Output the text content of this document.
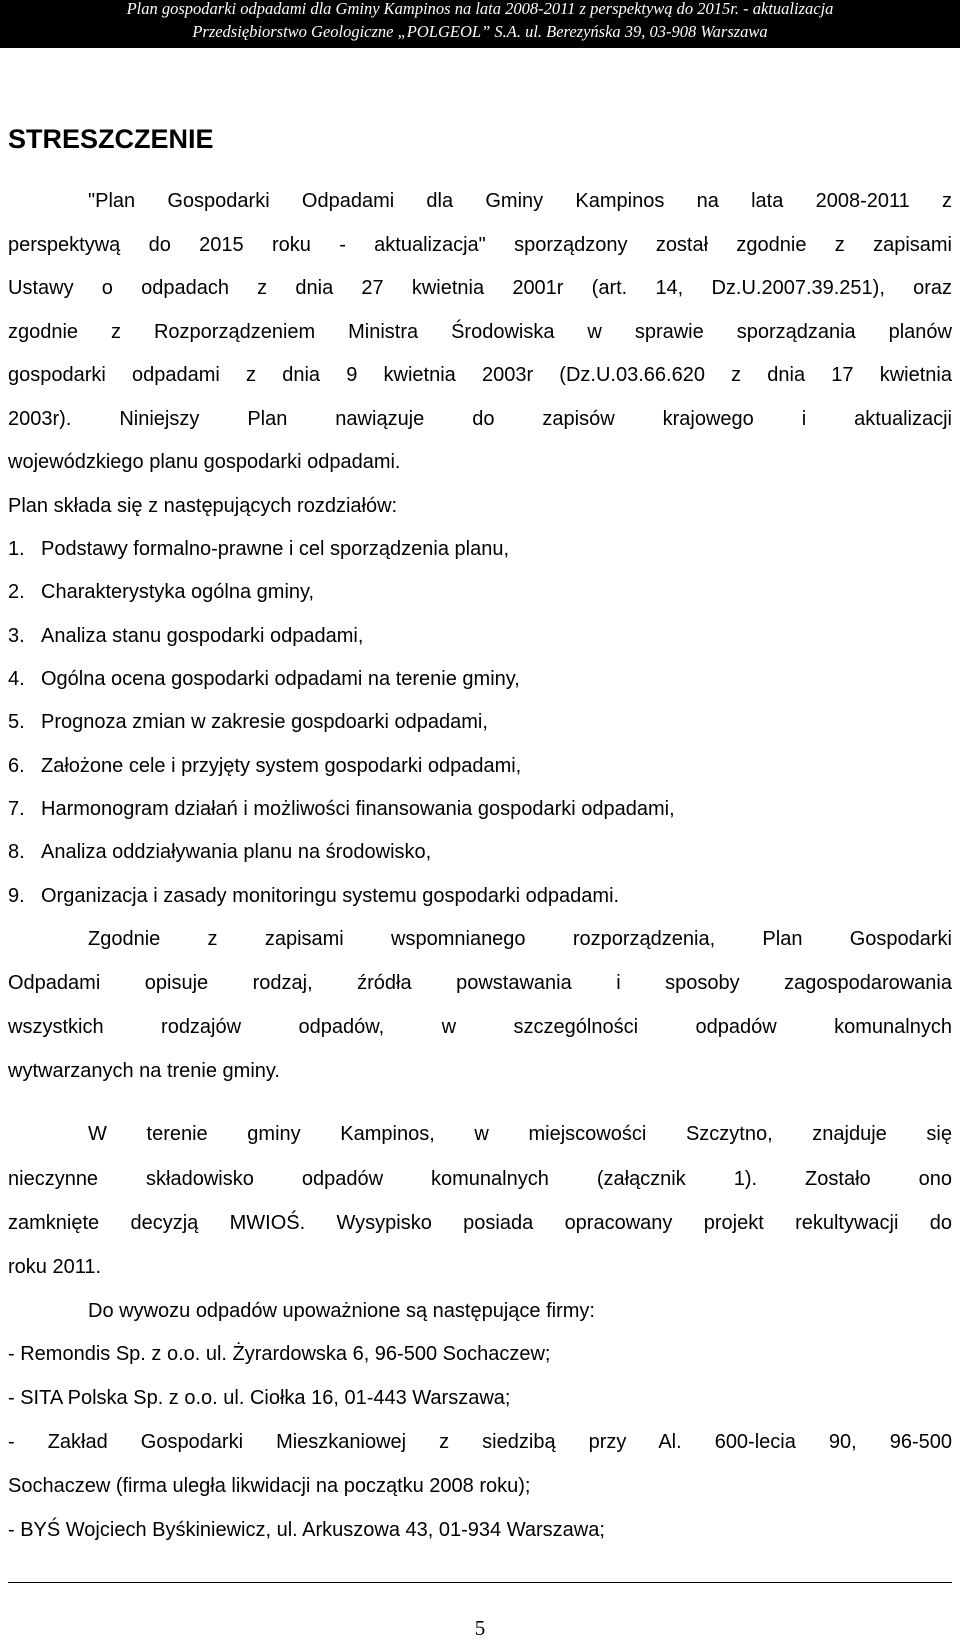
Plan gospodarki odpadami dla Gminy Kampinos na lata 2008-2011 z perspektywą do 2015r. - aktualizacja
Przedsiębiorstwo Geologiczne „POLGEOL” S.A. ul. Berezyńska 39, 03-908 Warszawa
STRESZCZENIE
"Plan Gospodarki Odpadami dla Gminy Kampinos na lata 2008-2011 z
perspektywą do 2015 roku - aktualizacja" sporządzony został zgodnie z zapisami
Ustawy o odpadach z dnia 27 kwietnia 2001r (art. 14, Dz.U.2007.39.251), oraz
zgodnie z Rozporządzeniem Ministra Środowiska w sprawie sporządzania planów
gospodarki odpadami z dnia 9 kwietnia 2003r (Dz.U.03.66.620 z dnia 17 kwietnia
2003r). Niniejszy Plan nawiązuje do zapisów krajowego i aktualizacji
wojewódzkiego planu gospodarki odpadami.
Plan składa się z następujących rozdziałów:
1. Podstawy formalno-prawne i cel sporządzenia planu,
2. Charakterystyka ogólna gminy,
3. Analiza stanu gospodarki odpadami,
4. Ogólna ocena gospodarki odpadami na terenie gminy,
5. Prognoza zmian w zakresie gospdoarki odpadami,
6. Założone cele i przyjęty system gospodarki odpadami,
7. Harmonogram działań i możliwości finansowania gospodarki odpadami,
8. Analiza oddziaływania planu na środowisko,
9. Organizacja i zasady monitoringu systemu gospodarki odpadami.
Zgodnie z zapisami wspomnianego rozporządzenia, Plan Gospodarki
Odpadami opisuje rodzaj, źródła powstawania i sposoby zagospodarowania
wszystkich rodzajów odpadów, w szczególności odpadów komunalnych
wytwarzanych na trenie gminy.
W terenie gminy Kampinos, w miejscowości Szczytno, znajduje się
nieczynne składowisko odpadów komunalnych (załącznik 1). Zostało ono
zamknięte decyzją MWIOŚ. Wysypisko posiada opracowany projekt rekultywacji do
roku 2011.
Do wywozu odpadów upoważnione są następujące firmy:
- Remondis Sp. z o.o. ul. Żyrardowska 6, 96-500 Sochaczew;
- SITA Polska Sp. z o.o. ul. Ciołka 16, 01-443 Warszawa;
- Zakład Gospodarki Mieszkaniowej z siedzibą przy Al. 600-lecia 90, 96-500
Sochaczew (firma uległa likwidacji na początku 2008 roku);
- BYŚ Wojciech Byśkiniewicz, ul. Arkuszowa 43, 01-934 Warszawa;
5
